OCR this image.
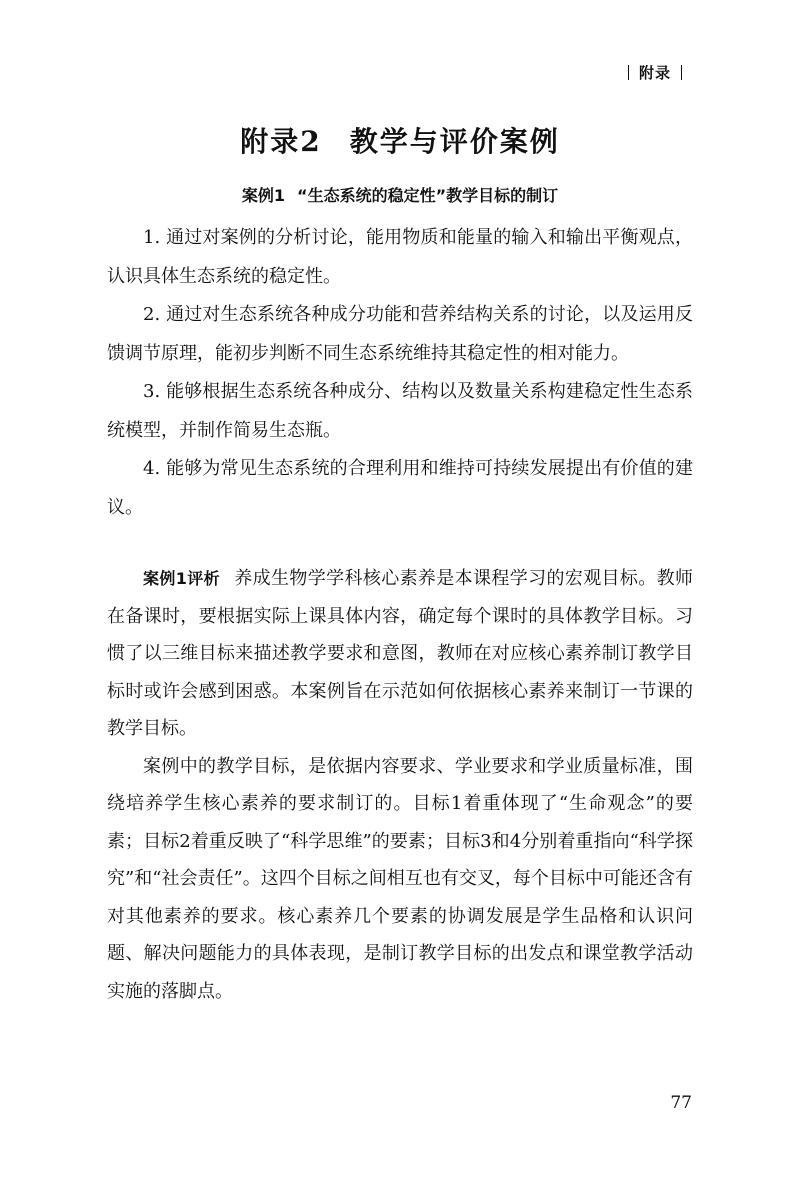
附录
附录2 教学与评价案例
案例1 “生态系统的稳定性”教学目标的制订

1. 通过对案例的分析讨论，能用物质和能量的输入和输出平衡观点，认识具体生态系统的稳定性。

2. 通过对生态系统各种成分功能和营养结构关系的讨论，以及运用反馈调节原理，能初步判断不同生态系统维持其稳定性的相对能力。

3. 能够根据生态系统各种成分、结构以及数量关系构建稳定性生态系统模型，并制作简易生态瓶。

4. 能够为常见生态系统的合理利用和维持可持续发展提出有价值的建议。

案例1评析 养成生物学学科核心素养是本课程学习的宏观目标。教师在备课时，要根据实际上课具体内容，确定每个课时的具体教学目标。习惯了以三维目标来描述教学要求和意图，教师在对应核心素养制订教学目标时或许会感到困惑。本案例旨在示范如何依据核心素养来制订一节课的教学目标。

案例中的教学目标，是依据内容要求、学业要求和学业质量标准，围绕培养学生核心素养的要求制订的。目标1着重体现了“生命观念”的要素；目标2着重反映了“科学思维”的要素；目标3和4分别着重指向“科学探究”和“社会责任”。这四个目标之间相互也有交叉，每个目标中可能还含有对其他素养的要求。核心素养几个要素的协调发展是学生品格和认识问题、解决问题能力的具体表现，是制订教学目标的出发点和课堂教学活动实施的落脚点。

77
